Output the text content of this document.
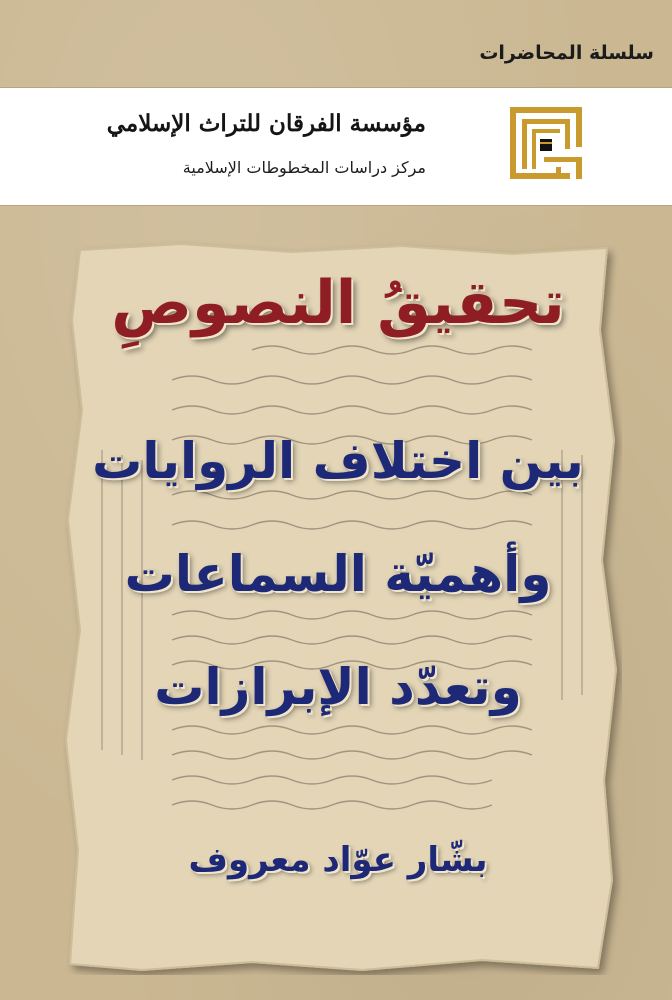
سلسلة المحاضرات
مؤسسة الفرقان للتراث الإسلامي
مركز دراسات المخطوطات الإسلامية
تحقيقُ النصوصِ
بين اختلاف الروايات
وأهميّة السماعات
وتعدّد الإبرازات
بشّار عوّاد معروف
